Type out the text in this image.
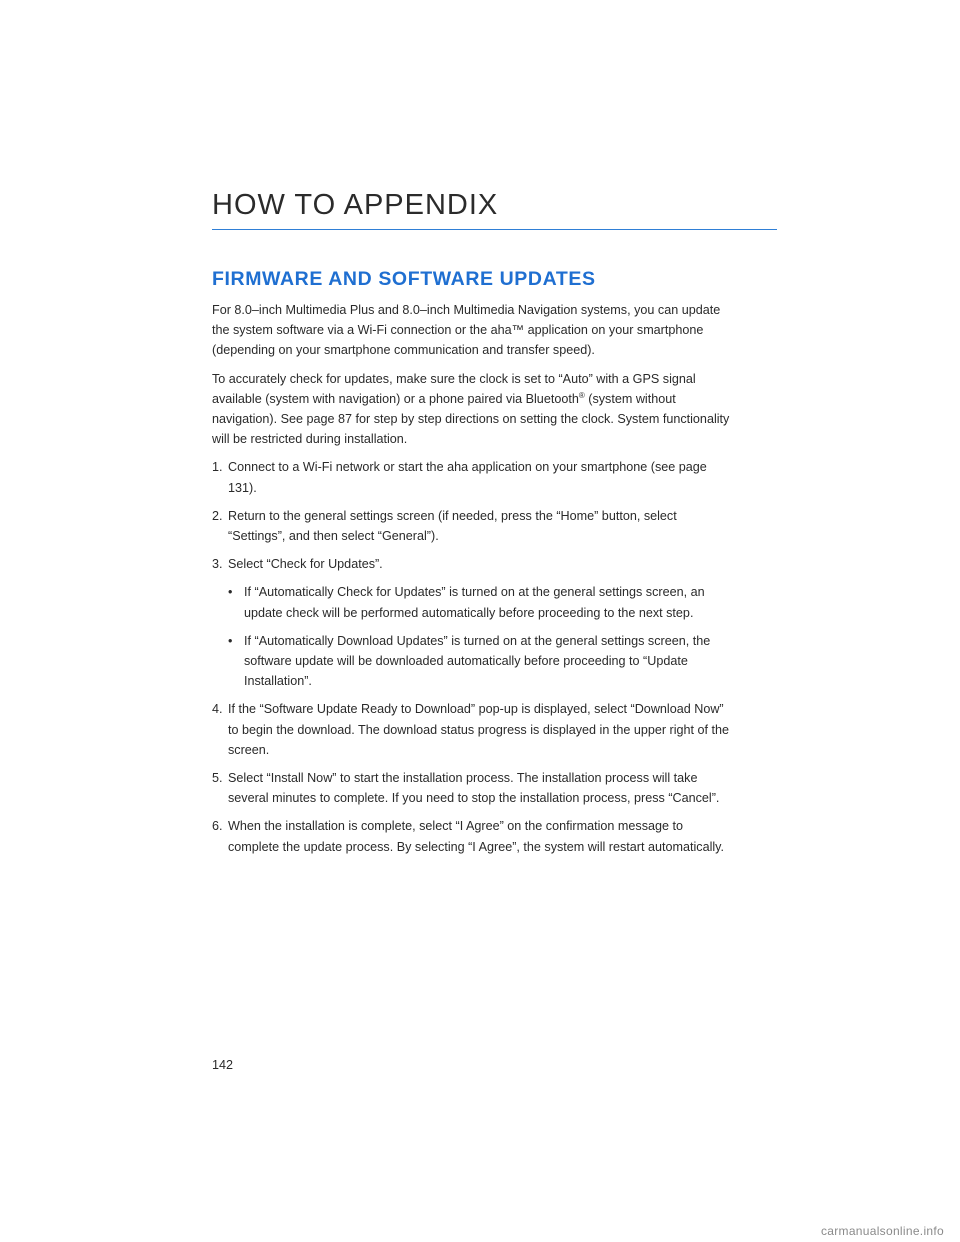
HOW TO APPENDIX
FIRMWARE AND SOFTWARE UPDATES

For 8.0–inch Multimedia Plus and 8.0–inch Multimedia Navigation systems, you can update the system software via a Wi-Fi connection or the aha™ application on your smartphone (depending on your smartphone communication and transfer speed).

To accurately check for updates, make sure the clock is set to “Auto” with a GPS signal available (system with navigation) or a phone paired via Bluetooth® (system without navigation). See page 87 for step by step directions on setting the clock. System functionality will be restricted during installation.

1. Connect to a Wi-Fi network or start the aha application on your smartphone (see page 131).
2. Return to the general settings screen (if needed, press the “Home” button, select “Settings”, and then select “General”).
3. Select “Check for Updates”.
• If “Automatically Check for Updates” is turned on at the general settings screen, an update check will be performed automatically before proceeding to the next step.
• If “Automatically Download Updates” is turned on at the general settings screen, the software update will be downloaded automatically before proceeding to “Update Installation”.
4. If the “Software Update Ready to Download” pop-up is displayed, select “Download Now” to begin the download. The download status progress is displayed in the upper right of the screen.
5. Select “Install Now” to start the installation process. The installation process will take several minutes to complete. If you need to stop the installation process, press “Cancel”.
6. When the installation is complete, select “I Agree” on the confirmation message to complete the update process. By selecting “I Agree”, the system will restart automatically.
142
carmanualsonline.info
